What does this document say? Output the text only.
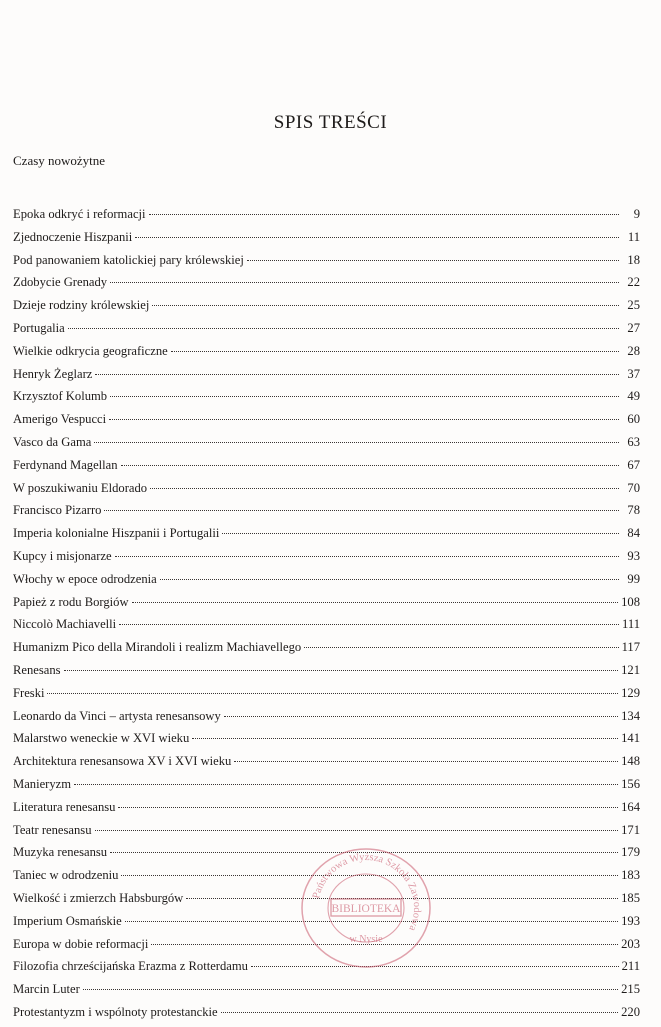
SPIS TREŚCI
Czasy nowożytne
Epoka odkryć i reformacji	9
Zjednoczenie Hiszpanii	11
Pod panowaniem katolickiej pary królewskiej	18
Zdobycie Grenady	22
Dzieje rodziny królewskiej	25
Portugalia	27
Wielkie odkrycia geograficzne	28
Henryk Żeglarz	37
Krzysztof Kolumb	49
Amerigo Vespucci	60
Vasco da Gama	63
Ferdynand Magellan	67
W poszukiwaniu Eldorado	70
Francisco Pizarro	78
Imperia kolonialne Hiszpanii i Portugalii	84
Kupcy i misjonarze	93
Włochy w epoce odrodzenia	99
Papież z rodu Borgiów	108
Niccolò Machiavelli	111
Humanizm Pico della Mirandoli i realizm Machiavellego	117
Renesans	121
Freski	129
Leonardo da Vinci – artysta renesansowy	134
Malarstwo weneckie w XVI wieku	141
Architektura renesansowa XV i XVI wieku	148
Manieryzm	156
Literatura renesansu	164
Teatr renesansu	171
Muzyka renesansu	179
Taniec w odrodzeniu	183
Wielkość i zmierzch Habsburgów	185
Imperium Osmańskie	193
Europa w dobie reformacji	203
Filozofia chrześcijańska Erazma z Rotterdamu	211
Marcin Luter	215
Protestantyzm i wspólnoty protestanckie	220
Państwowa Wyższa Szkoła Zawodowa
BIBLIOTEKA
w Nysie
